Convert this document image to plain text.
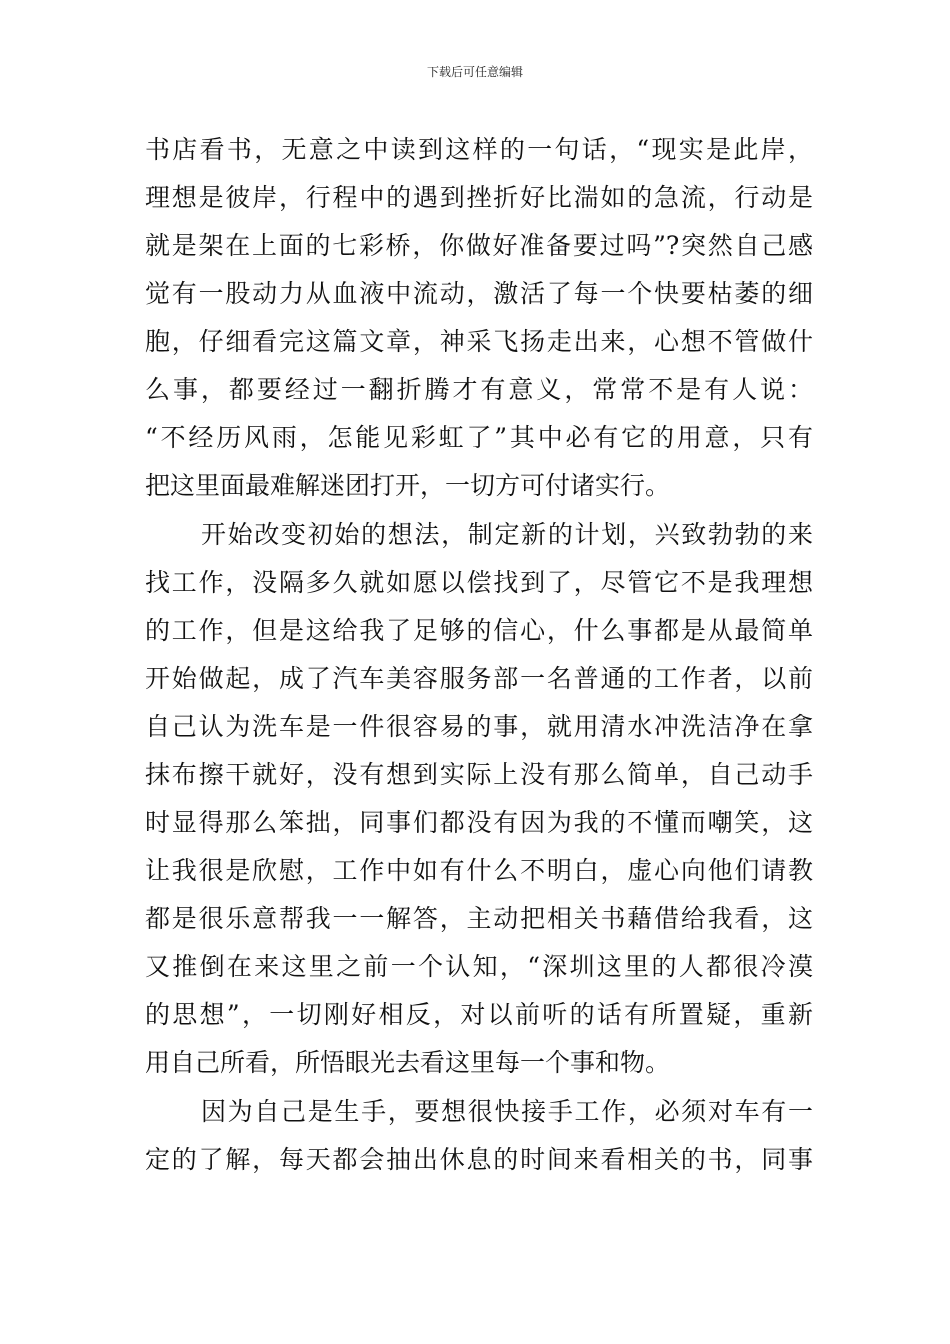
下载后可任意编辑
书店看书，无意之中读到这样的一句话，“现实是此岸，
理想是彼岸，行程中的遇到挫折好比湍如的急流，行动是
就是架在上面的七彩桥，你做好准备要过吗”?突然自己感
觉有一股动力从血液中流动，激活了每一个快要枯萎的细
胞，仔细看完这篇文章，神采飞扬走出来，心想不管做什
么事，都要经过一翻折腾才有意义，常常不是有人说：
“不经历风雨，怎能见彩虹了”其中必有它的用意，只有
把这里面最难解迷团打开，一切方可付诸实行。
开始改变初始的想法，制定新的计划，兴致勃勃的来
找工作，没隔多久就如愿以偿找到了，尽管它不是我理想
的工作，但是这给我了足够的信心，什么事都是从最简单
开始做起，成了汽车美容服务部一名普通的工作者，以前
自己认为洗车是一件很容易的事，就用清水冲洗洁净在拿
抹布擦干就好，没有想到实际上没有那么简单，自己动手
时显得那么笨拙，同事们都没有因为我的不懂而嘲笑，这
让我很是欣慰，工作中如有什么不明白，虚心向他们请教
都是很乐意帮我一一解答，主动把相关书藉借给我看，这
又推倒在来这里之前一个认知，“深圳这里的人都很冷漠
的思想”，一切刚好相反，对以前听的话有所置疑，重新
用自己所看，所悟眼光去看这里每一个事和物。
因为自己是生手，要想很快接手工作，必须对车有一
定的了解，每天都会抽出休息的时间来看相关的书，同事
